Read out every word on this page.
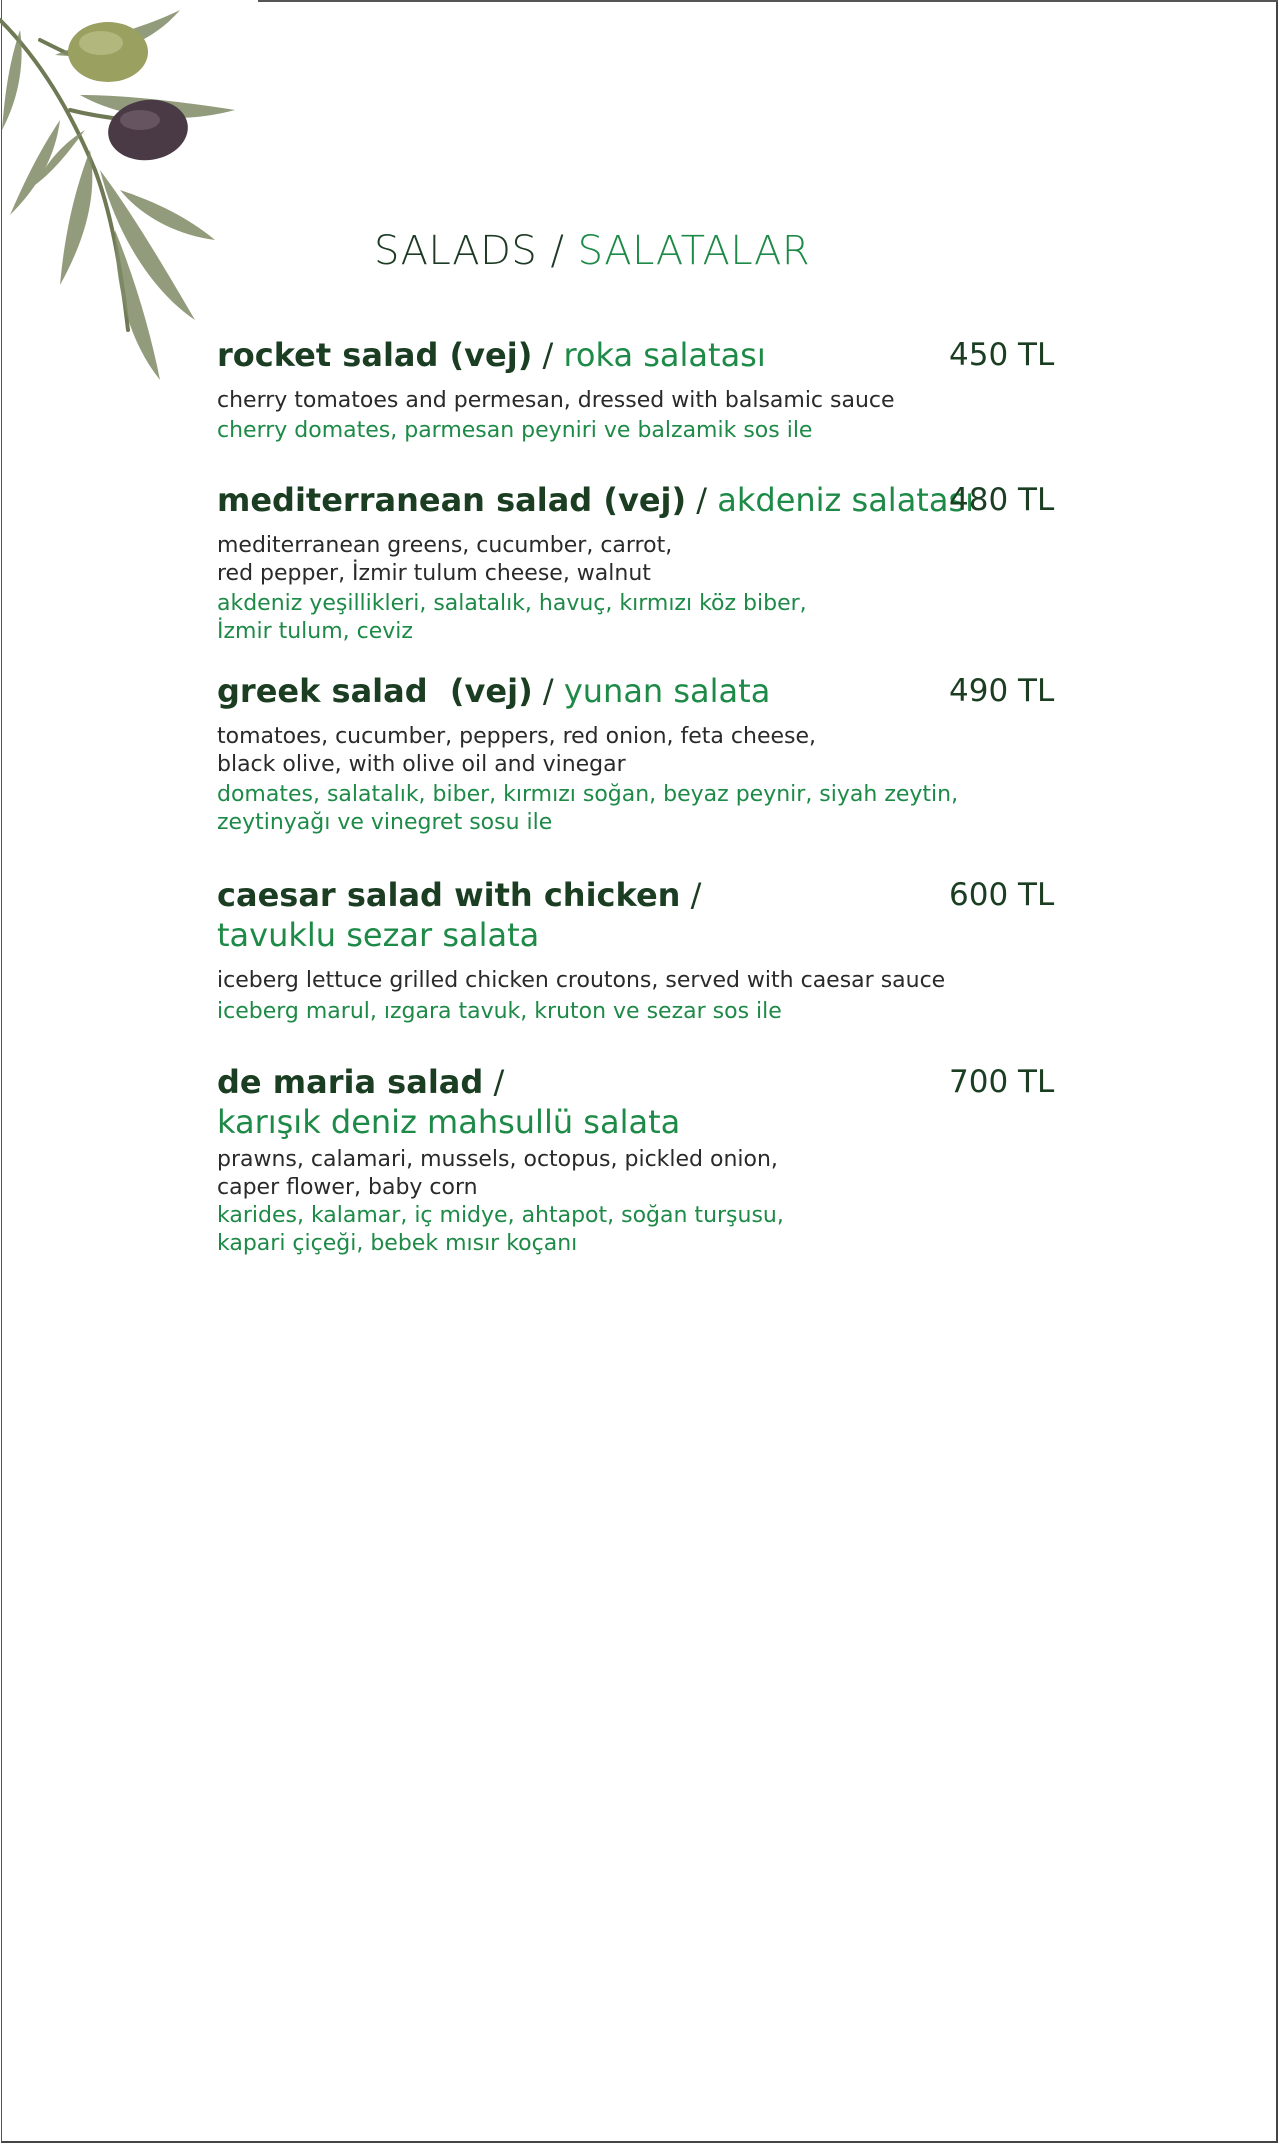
SALADS / SALATALAR
rocket salad (vej) / roka salatası	450 TL
cherry tomatoes and permesan, dressed with balsamic sauce
cherry domates, parmesan peyniri ve balzamik sos ile
mediterranean salad (vej) / akdeniz salatası
480 TL
mediterranean greens, cucumber, carrot,
red pepper, İzmir tulum cheese, walnut
akdeniz yeşillikleri, salatalık, havuç, kırmızı köz biber,
İzmir tulum, ceviz
greek salad  (vej) / yunan salata	490 TL
tomatoes, cucumber, peppers, red onion, feta cheese,
black olive, with olive oil and vinegar
domates, salatalık, biber, kırmızı soğan, beyaz peynir, siyah zeytin,
zeytinyağı ve vinegret sosu ile
caesar salad with chicken /
tavuklu sezar salata
600 TL
iceberg lettuce grilled chicken croutons, served with caesar sauce
iceberg marul, ızgara tavuk, kruton ve sezar sos ile
de maria salad /
karışık deniz mahsullü salata
700 TL
prawns, calamari, mussels, octopus, pickled onion,
caper flower, baby corn
karides, kalamar, iç midye, ahtapot, soğan turşusu,
kapari çiçeği, bebek mısır koçanı
